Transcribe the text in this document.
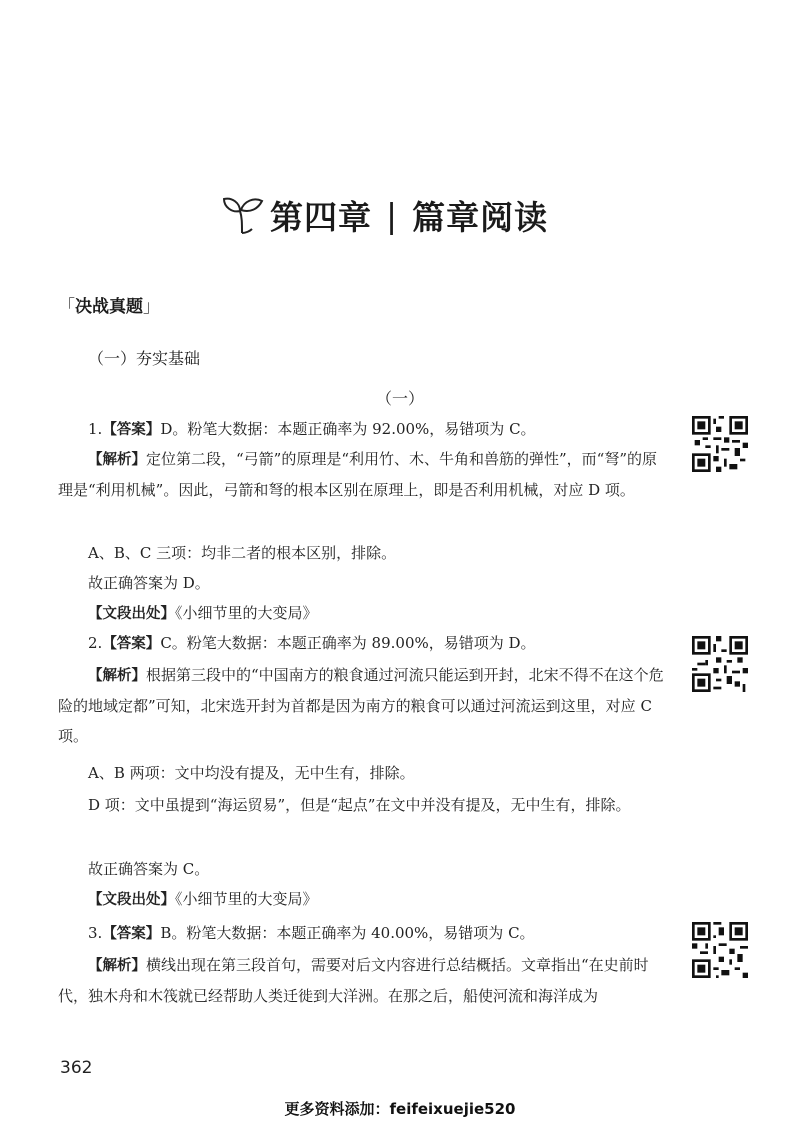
第四章 | 篇章阅读
「决战真题」
（一）夯实基础
（一）
1.【答案】D。粉笔大数据：本题正确率为 92.00%，易错项为 C。
【解析】定位第二段，“弓箭”的原理是“利用竹、木、牛角和兽筋的弹性”，而“弩”的原理是“利用机械”。因此，弓箭和弩的根本区别在原理上，即是否利用机械，对应 D 项。
A、B、C 三项：均非二者的根本区别，排除。
故正确答案为 D。
【文段出处】《小细节里的大变局》
2.【答案】C。粉笔大数据：本题正确率为 89.00%，易错项为 D。
【解析】根据第三段中的“中国南方的粮食通过河流只能运到开封，北宋不得不在这个危险的地域定都”可知，北宋选开封为首都是因为南方的粮食可以通过河流运到这里，对应 C 项。
A、B 两项：文中均没有提及，无中生有，排除。
D 项：文中虽提到“海运贸易”，但是“起点”在文中并没有提及，无中生有，排除。
故正确答案为 C。
【文段出处】《小细节里的大变局》
3.【答案】B。粉笔大数据：本题正确率为 40.00%，易错项为 C。
【解析】横线出现在第三段首句，需要对后文内容进行总结概括。文章指出“在史前时代，独木舟和木筏就已经帮助人类迁徙到大洋洲。在那之后，船使河流和海洋成为
362
更多资料添加：feifeixuejie520
